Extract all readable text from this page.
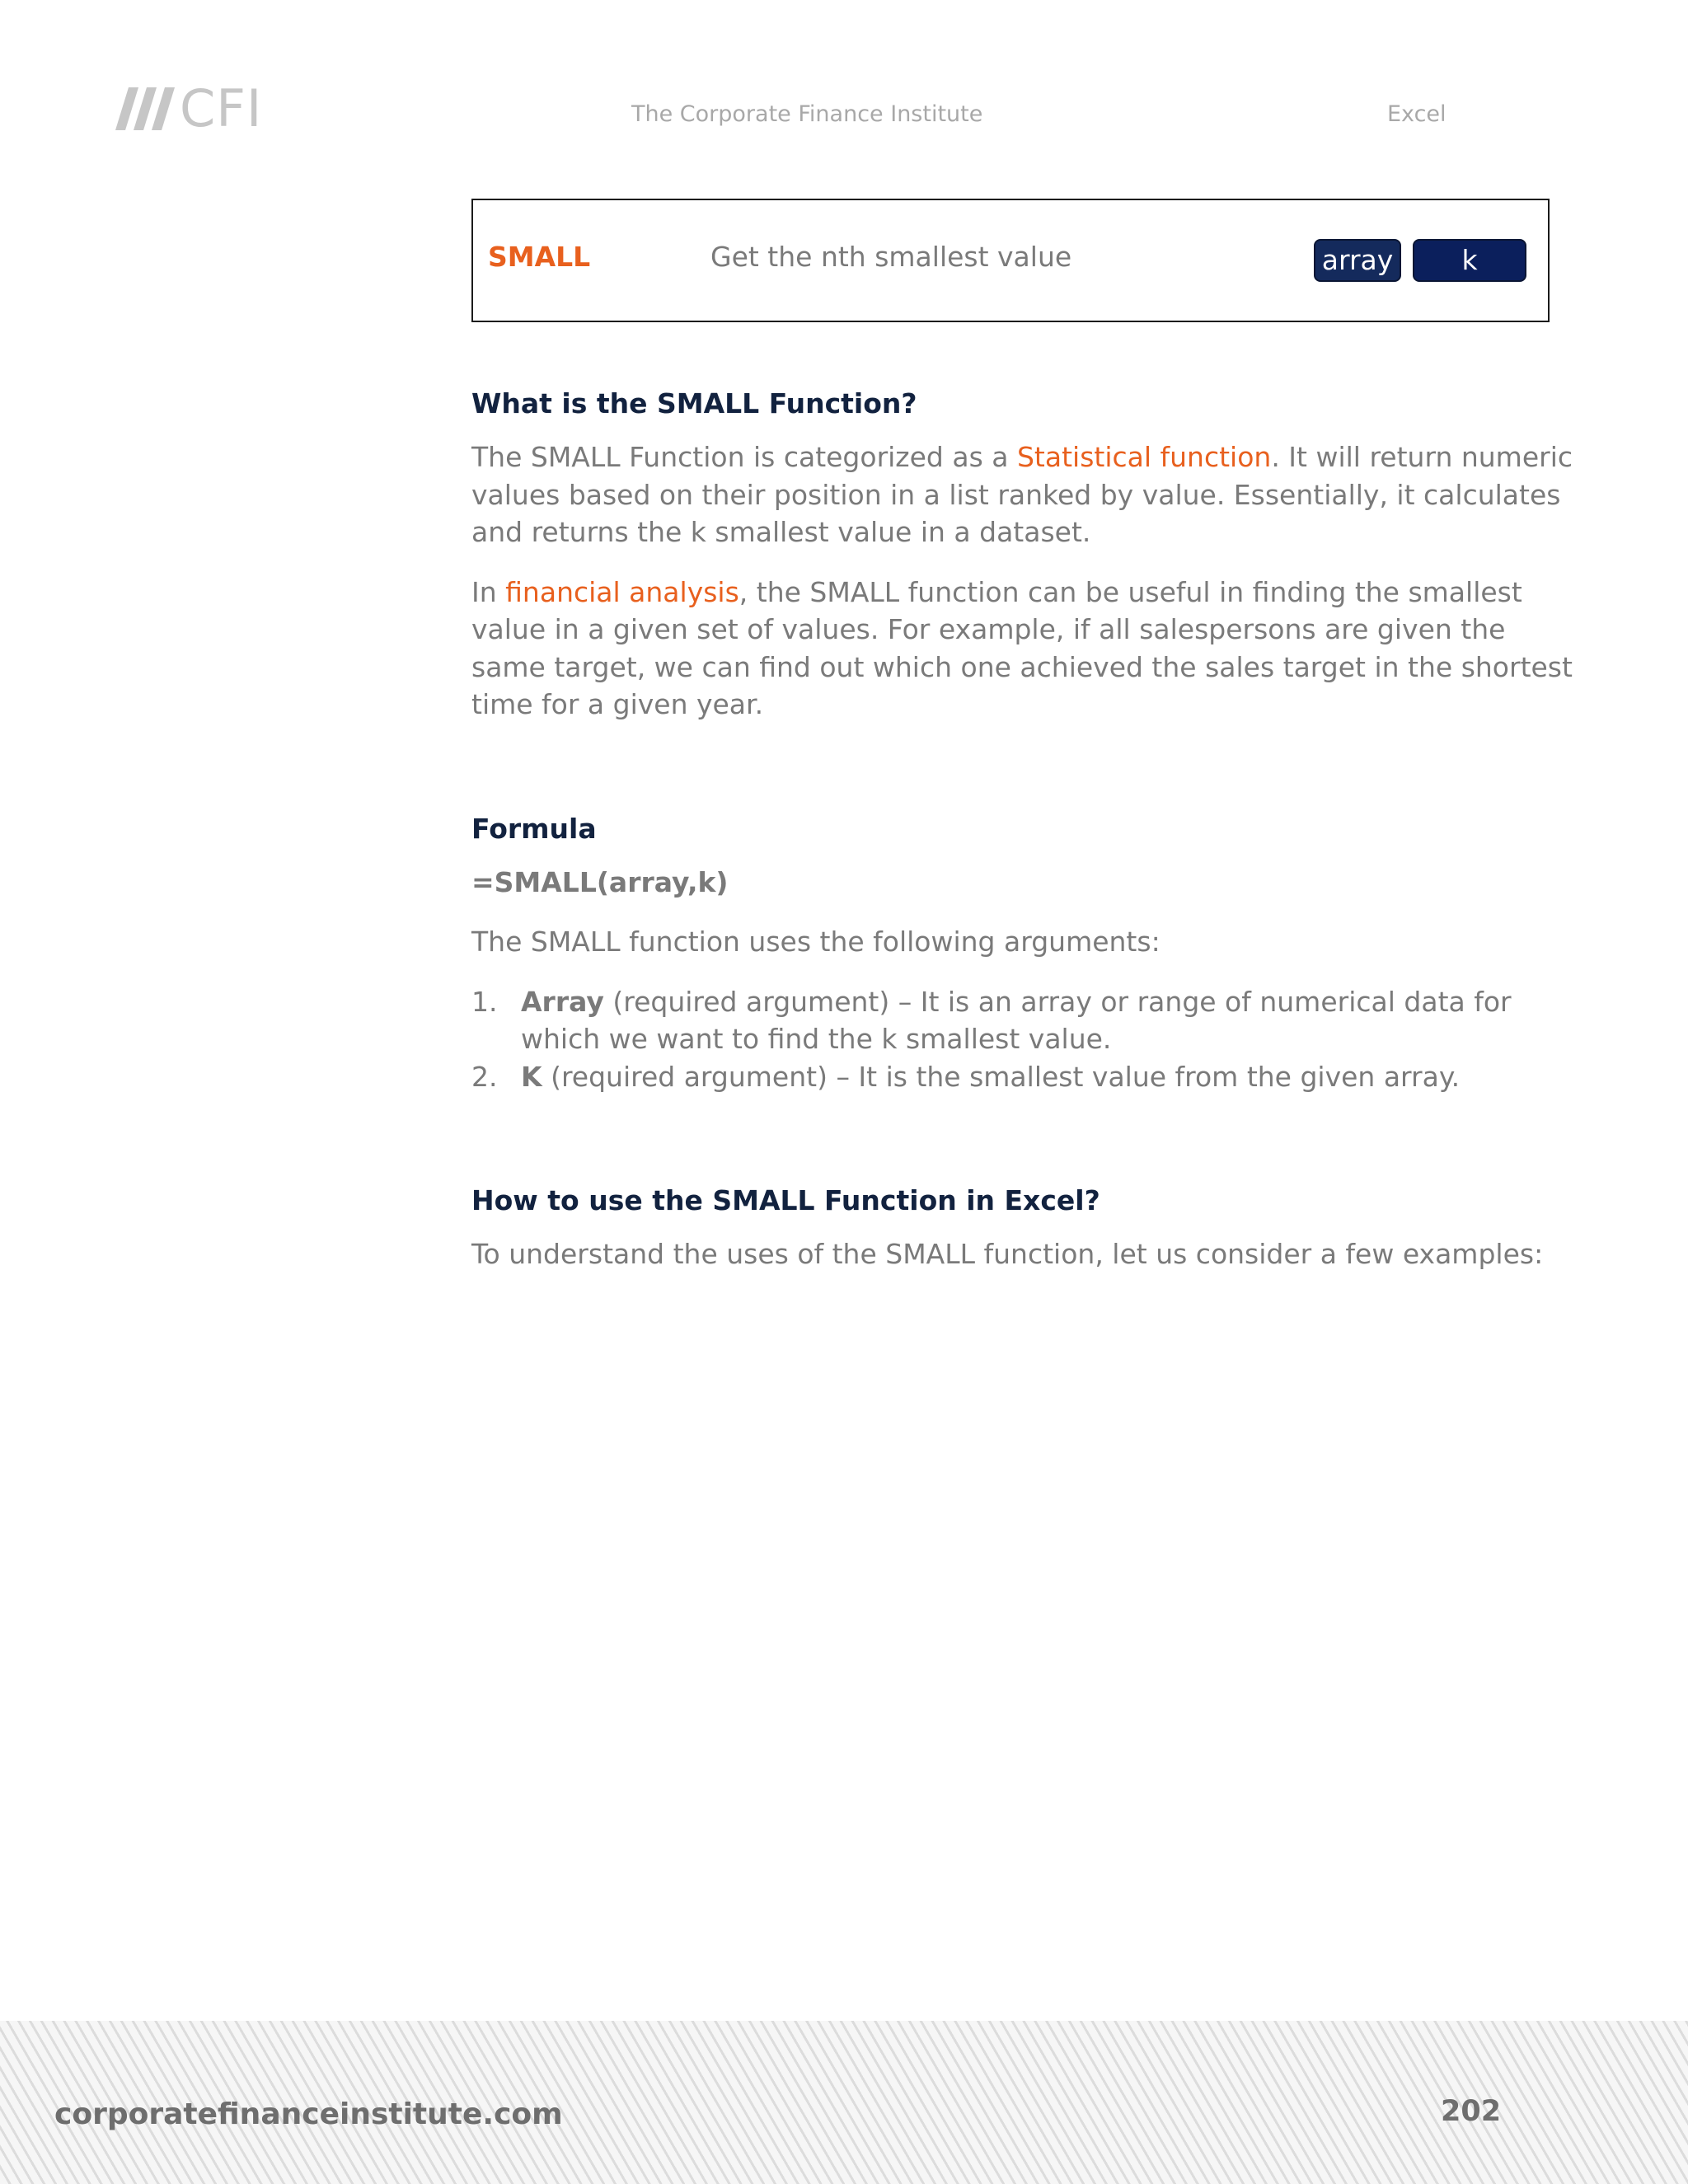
CFI	The Corporate Finance Institute	Excel
SMALL	Get the nth smallest value	array	k
What is the SMALL Function?

The SMALL Function is categorized as a Statistical function. It will return numeric values based on their position in a list ranked by value. Essentially, it calculates and returns the k smallest value in a dataset.

In financial analysis, the SMALL function can be useful in finding the smallest value in a given set of values. For example, if all salespersons are given the same target, we can find out which one achieved the sales target in the shortest time for a given year.

Formula

=SMALL(array,k)

The SMALL function uses the following arguments:

1. Array (required argument) – It is an array or range of numerical data for which we want to find the k smallest value.
2. K (required argument) – It is the smallest value from the given array.
How to use the SMALL Function in Excel?

To understand the uses of the SMALL function, let us consider a few examples:

corporatefinanceinstitute.com	202
